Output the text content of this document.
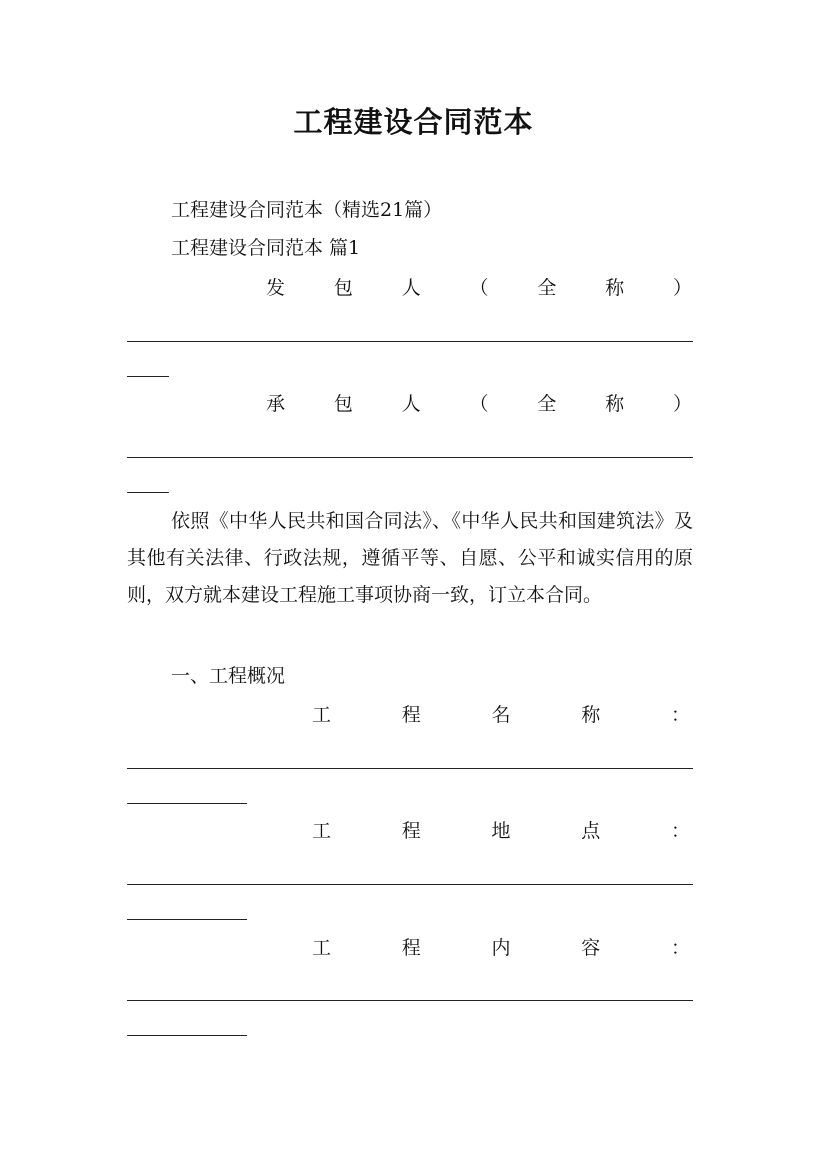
工程建设合同范本
工程建设合同范本（精选21篇）
工程建设合同范本 篇1
发	包	人	（	全	称	）
承	包	人	（	全	称	）
依照《中华人民共和国合同法》、《中华人民共和国建筑法》及其他有关法律、行政法规，遵循平等、自愿、公平和诚实信用的原则，双方就本建设工程施工事项协商一致，订立本合同。
一、工程概况
工	程	名	称	：
工	程	地	点	：
工	程	内	容	：
